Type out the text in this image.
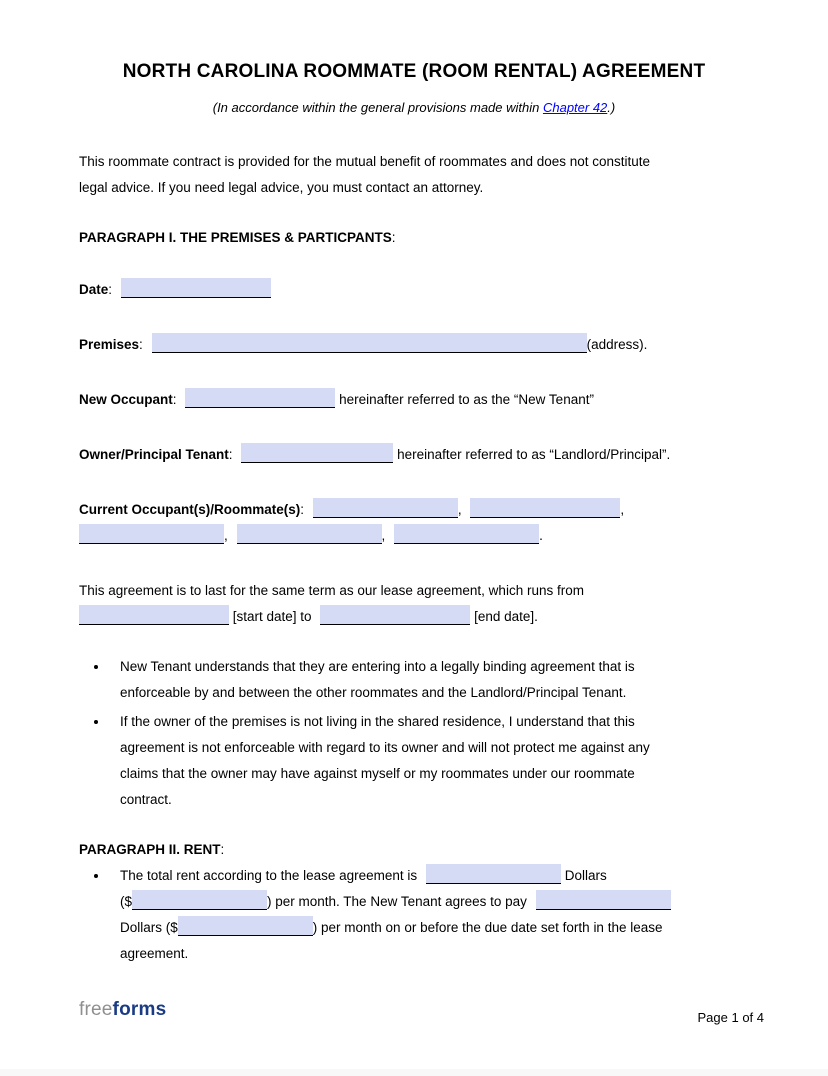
NORTH CAROLINA ROOMMATE (ROOM RENTAL) AGREEMENT
(In accordance within the general provisions made within Chapter 42.)
This roommate contract is provided for the mutual benefit of roommates and does not constitute
legal advice. If you need legal advice, you must contact an attorney.
PARAGRAPH I. THE PREMISES & PARTICPANTS:
Date:
Premises:	(address).
New Occupant:	hereinafter referred to as the “New Tenant”
Owner/Principal Tenant:	hereinafter referred to as “Landlord/Principal”.
Current Occupant(s)/Roommate(s):	,	,
,	,	.
This agreement is to last for the same term as our lease agreement, which runs from
[start date] to	[end date].
• New Tenant understands that they are entering into a legally binding agreement that is
enforceable by and between the other roommates and the Landlord/Principal Tenant.
• If the owner of the premises is not living in the shared residence, I understand that this
agreement is not enforceable with regard to its owner and will not protect me against any
claims that the owner may have against myself or my roommates under our roommate
contract.
PARAGRAPH II. RENT:
• The total rent according to the lease agreement is	Dollars
($	) per month. The New Tenant agrees to pay
Dollars ($	) per month on or before the due date set forth in the lease
agreement.
freeforms	Page 1 of 4
